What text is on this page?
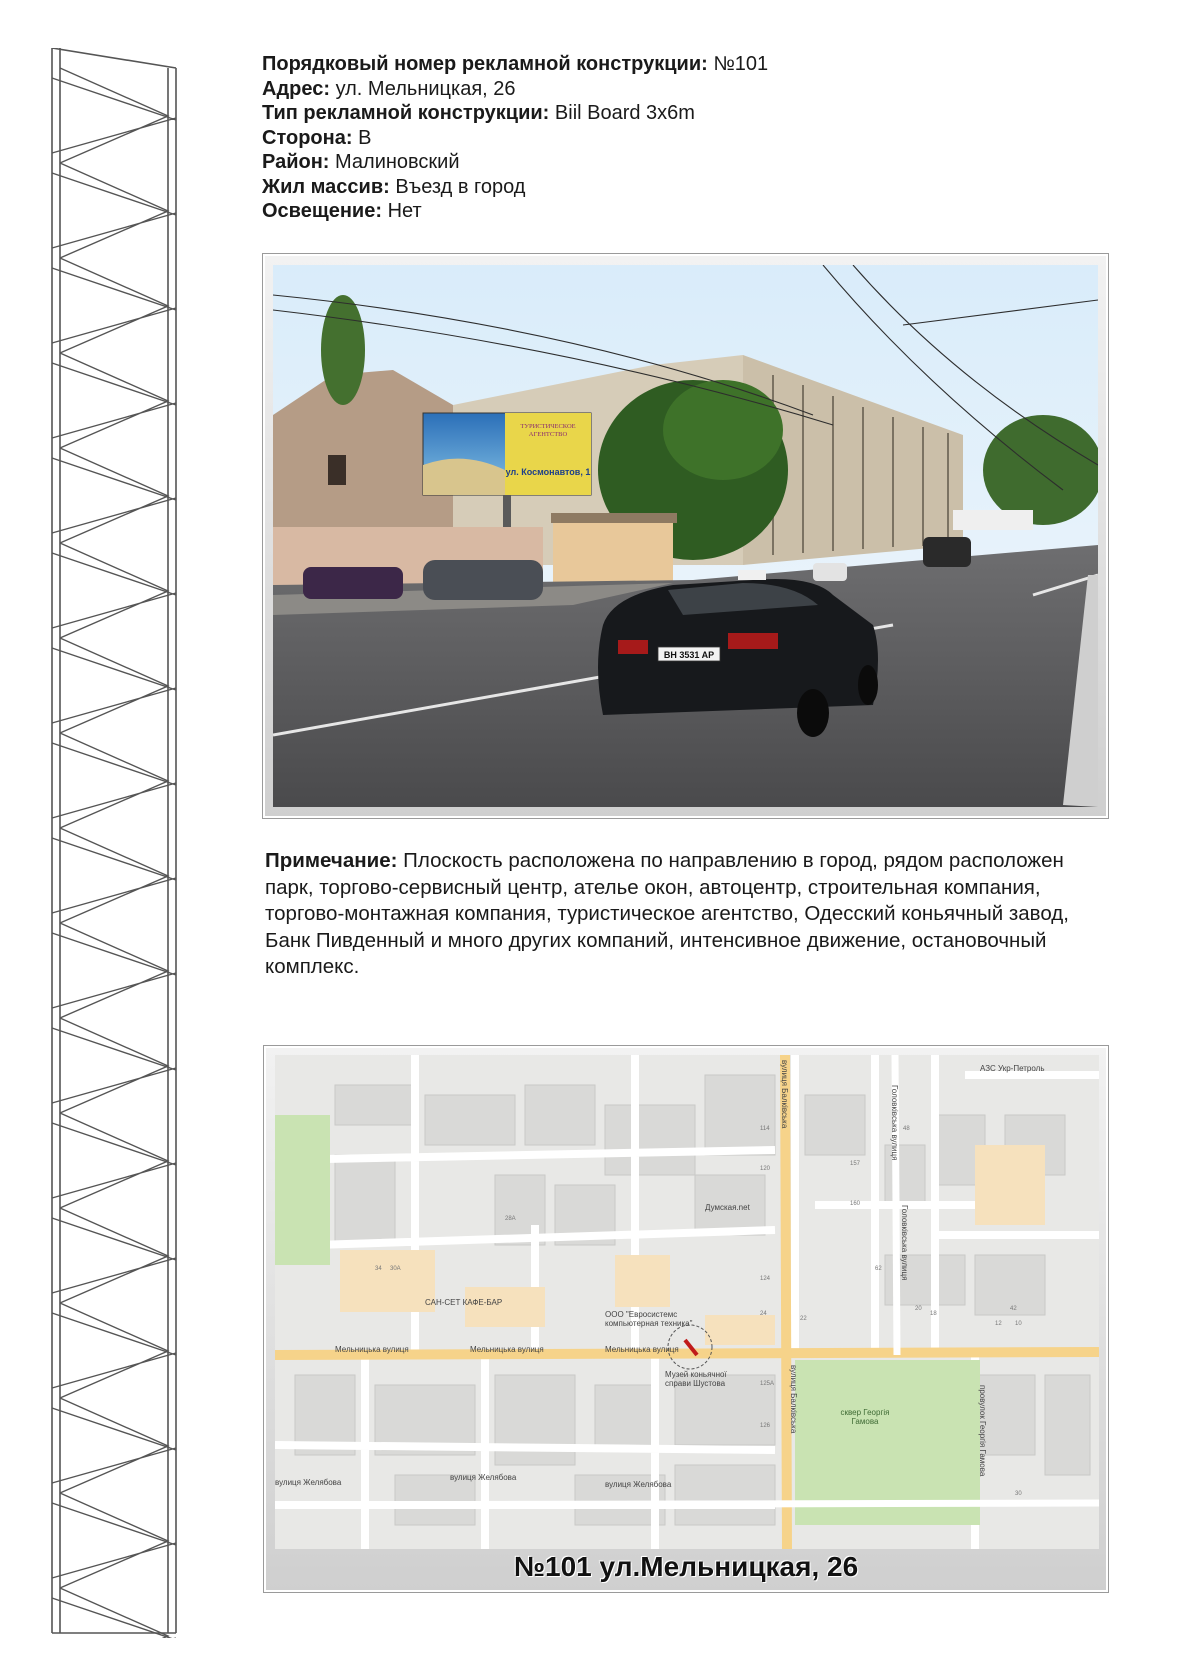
Порядковый номер рекламной конструкции: №101
Адрес: ул. Мельницкая, 26
Тип рекламной конструкции: Biil Board 3x6m
Сторона: B
Район: Малиновский
Жил массив: Въезд в город
Освещение: Нет
ТУРИСТИЧЕСКОЕ
АГЕНТСТВО
ул. Космонавтов, 1
BH 3531 AP
Примечание: Плоскость расположена по направлению в город, рядом расположен парк, торгово-сервисный центр, ателье окон, автоцентр, строительная компания, торгово-монтажная компания, туристическое агентство, Одесский коньячный завод, Банк Пивденный и много других компаний, интенсивное движение, остановочный комплекс.
АЗС Укр-Петроль
Думская.net
САН-СЕТ КАФЕ-БАР
ООО "Евросистемс
компьютерная техника"
Музей коньячної
справи Шустова
сквер Георгія
Гамова
Мельницька вулиця	Мельницька вулиця	Мельницька вулиця
вулиця Желябова
вулиця Желябова
вулиця Желябова
вулиця Балківська
вулиця Балківська
Головківська вулиця
Головківська вулиця
провулок Георгія Гамова
28А
34 30А
114
120
124
24
22
125А
126
157
160
62
20
18
12 10
48
42
30
№101 ул.Мельницкая, 26
